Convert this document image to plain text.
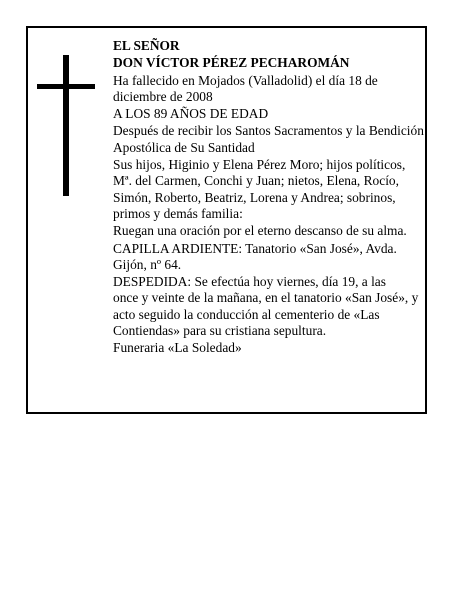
EL SEÑOR

DON VÍCTOR PÉREZ PECHAROMÁN

Ha fallecido en Mojados (Valladolid) el día 18 de diciembre de 2008

A LOS 89 AÑOS DE EDAD

Después de recibir los Santos Sacramentos y la Bendición Apostólica de Su Santidad

Sus hijos, Higinio y Elena Pérez Moro; hijos políticos, Mª. del Carmen, Conchi y Juan; nietos, Elena, Rocío, Simón, Roberto, Beatriz, Lorena y Andrea; sobrinos, primos y demás familia:

Ruegan una oración por el eterno descanso de su alma.

CAPILLA ARDIENTE: Tanatorio «San José», Avda. Gijón, nº 64.

DESPEDIDA: Se efectúa hoy viernes, día 19, a las
once y veinte de la mañana, en el tanatorio «San José», y
acto seguido la conducción al cementerio de «Las
Contiendas» para su cristiana sepultura.

Funeraria «La Soledad»
